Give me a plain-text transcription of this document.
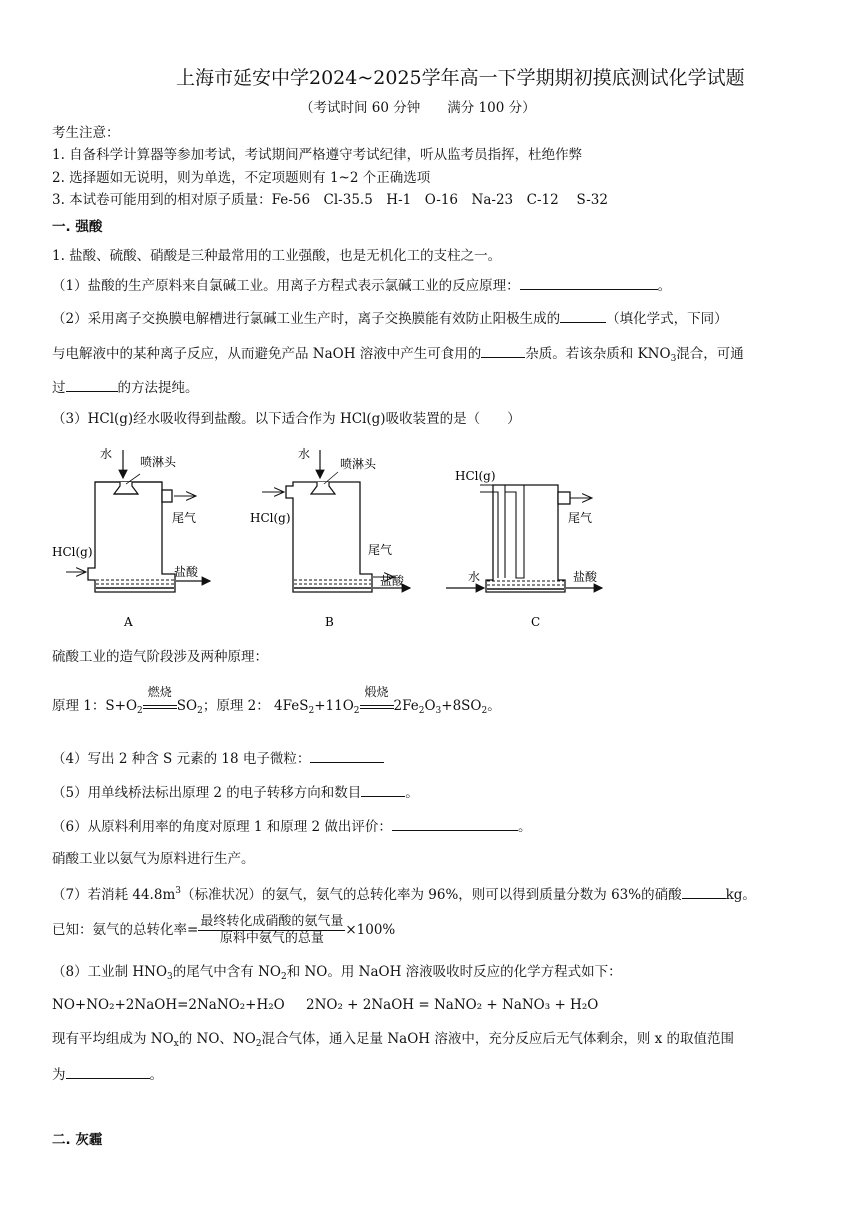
上海市延安中学2024~2025学年高一下学期期初摸底测试化学试题
（考试时间 60 分钟　　满分 100 分）
考生注意：
1. 自备科学计算器等参加考试，考试期间严格遵守考试纪律，听从监考员指挥，杜绝作弊
2. 选择题如无说明，则为单选，不定项题则有 1~2 个正确选项
3. 本试卷可能用到的相对原子质量：Fe-56　Cl-35.5　H-1　O-16　Na-23　C-12　 S-32
一. 强酸
1. 盐酸、硫酸、硝酸是三种最常用的工业强酸，也是无机化工的支柱之一。
（1）盐酸的生产原料来自氯碱工业。用离子方程式表示氯碱工业的反应原理：	。
（2）采用离子交换膜电解槽进行氯碱工业生产时，离子交换膜能有效防止阳极生成的	（填化学式，下同）
与电解液中的某种离子反应，从而避免产品 NaOH 溶液中产生可食用的	杂质。若该杂质和 $KNO_3$混合，可通
过	的方法提纯。
（3）HCl(g)经水吸收得到盐酸。以下适合作为 HCl(g)吸收装置的是（　　）
水
喷淋头
尾气
HCl(g)
盐酸
A
水
喷淋头
HCl(g)
尾气
盐酸
B
HCl(g)
尾气
水	盐酸
C
硫酸工业的造气阶段涉及两种原理：
原理 1：$S+O_2$
燃烧
$SO_2$；原理 2： $4FeS_2+11O_2$
煅烧
$2Fe_2O_3+8SO_2$。
（4）写出 2 种含 S 元素的 18 电子微粒：
（5）用单线桥法标出原理 2 的电子转移方向和数目	。
（6）从原料利用率的角度对原理 1 和原理 2 做出评价：	。
硝酸工业以氨气为原料进行生产。
（7）若消耗 $44.8m^3$（标准状况）的氨气，氨气的总转化率为 96%，则可以得到质量分数为 63%的硝酸	kg。
已知：氨气的总转化率= $\frac{\text{最终转化成硝酸的氨气量}}{\text{原料中氨气的总量}} \times 100\%$
（8）工业制 $HNO_3$的尾气中含有 $NO_2$和 NO。用 NaOH 溶液吸收时反应的化学方程式如下：
NO+NO₂+2NaOH=2NaNO₂+H₂O 2NO₂ + 2NaOH = NaNO₂ + NaNO₃ + H₂O
现有平均组成为 $NO_x$的 NO、$NO_2$混合气体，通入足量 NaOH 溶液中，充分反应后无气体剩余，则 x 的取值范围
为	。
二. 灰霾
